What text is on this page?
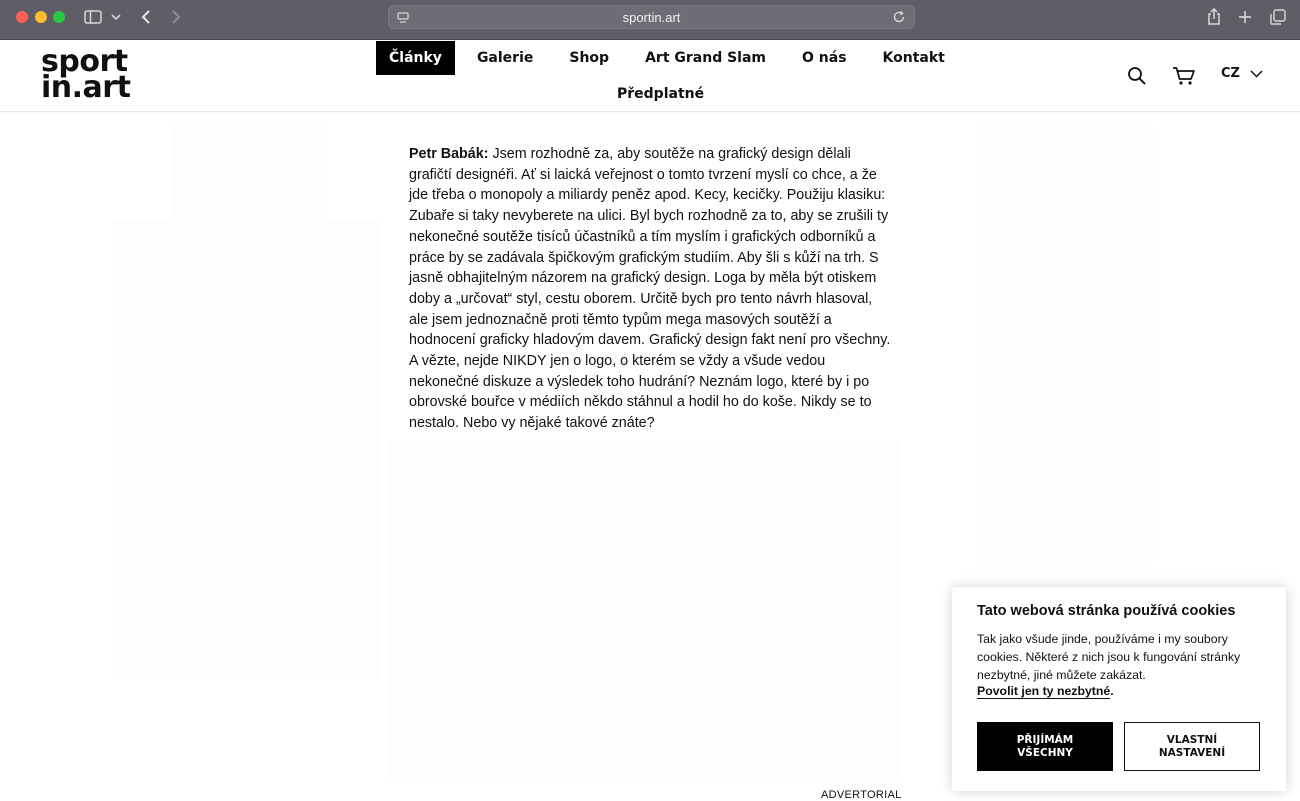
sportin.art
sport
in.art
Články	Galerie	Shop	Art Grand Slam	O nás	Kontakt
Předplatné
CZ
Petr Babák: Jsem rozhodně za, aby soutěže na grafický design dělali grafičtí designéři. Ať si laická veřejnost o tomto tvrzení myslí co chce, a že jde třeba o monopoly a miliardy peněz apod. Kecy, kecičky. Použiju klasiku: Zubaře si taky nevyberete na ulici. Byl bych rozhodně za to, aby se zrušili ty nekonečné soutěže tisíců účastníků a tím myslím i grafických odborníků a práce by se zadávala špičkovým grafickým studiím. Aby šli s kůží na trh. S jasně obhajitelným názorem na grafický design. Loga by měla být otiskem doby a „určovat“ styl, cestu oborem. Určitě bych pro tento návrh hlasoval, ale jsem jednoznačně proti těmto typům mega masových soutěží a hodnocení graficky hladovým davem. Grafický design fakt není pro všechny. A vězte, nejde NIKDY jen o logo, o kterém se vždy a všude vedou nekonečné diskuze a výsledek toho hudrání? Neznám logo, které by i po obrovské bouřce v médiích někdo stáhnul a hodil ho do koše. Nikdy se to nestalo. Nebo vy nějaké takové znáte?
ADVERTORIAL
Tato webová stránka používá cookies

Tak jako všude jinde, používáme i my soubory cookies. Některé z nich jsou k fungování stránky nezbytné, jiné můžete zakázat.

Povolit jen ty nezbytné.
PŘIJÍMÁM
VŠECHNY
VLASTNÍ
NASTAVENÍ
